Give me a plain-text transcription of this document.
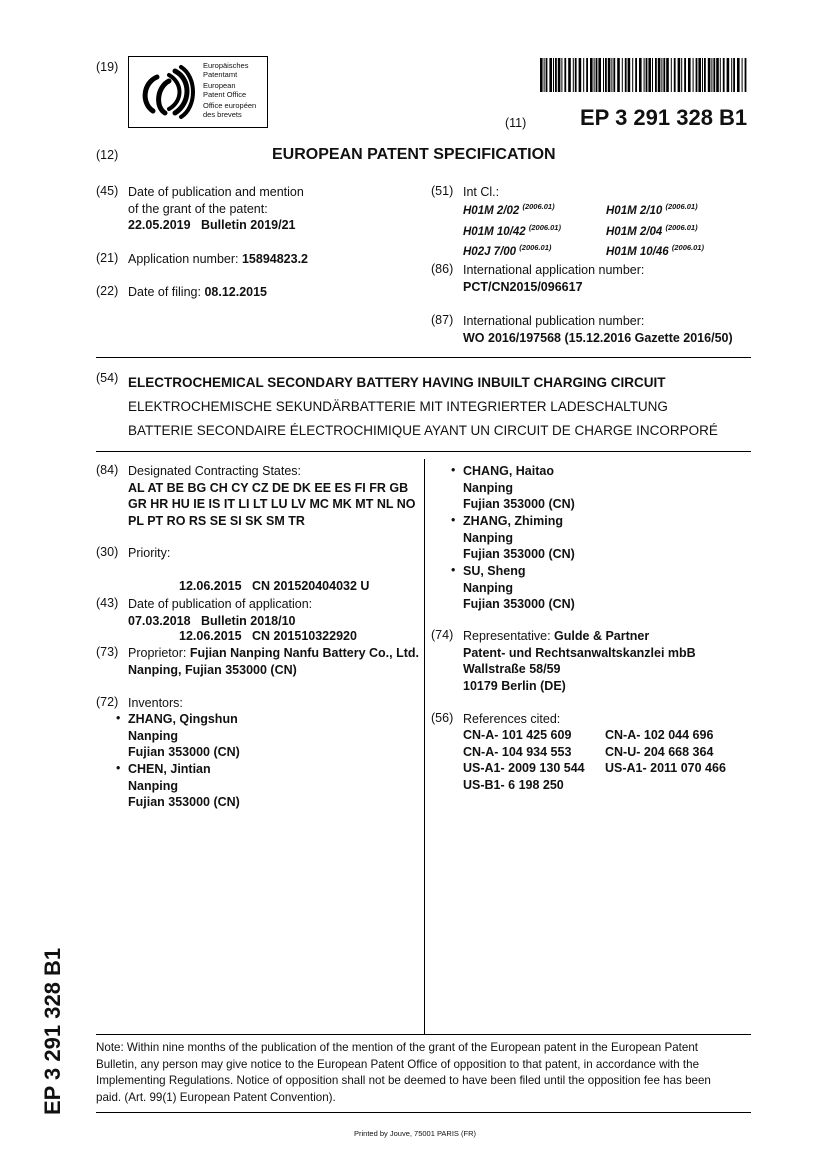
(19)	Europäisches
Patentamt
European
Patent Office
Office européen
des brevets
(11) EP 3 291 328 B1
(12)	EUROPEAN PATENT SPECIFICATION
(45) Date of publication and mention
of the grant of the patent:
22.05.2019   Bulletin 2019/21
(21) Application number: 15894823.2
(22) Date of filing: 08.12.2015
(51) Int Cl.:
H01M 2/02 $^{(2006.01)}$
H01M 10/42 $^{(2006.01)}$
H02J 7/00 $^{(2006.01)}$
H01M 2/10 $^{(2006.01)}$
H01M 2/04 $^{(2006.01)}$
H01M 10/46 $^{(2006.01)}$
(86) International application number:
PCT/CN2015/096617
(87) International publication number:
WO 2016/197568 (15.12.2016 Gazette 2016/50)
(54) ELECTROCHEMICAL SECONDARY BATTERY HAVING INBUILT CHARGING CIRCUIT
ELEKTROCHEMISCHE SEKUNDÄRBATTERIE MIT INTEGRIERTER LADESCHALTUNG
BATTERIE SECONDAIRE ÉLECTROCHIMIQUE AYANT UN CIRCUIT DE CHARGE INCORPORÉ
(84) Designated Contracting States:
AL AT BE BG CH CY CZ DE DK EE ES FI FR GB
GR HR HU IE IS IT LI LT LU LV MC MK MT NL NO
PL PT RO RS SE SI SK SM TR
(30) Priority:

12.06.2015   CN 201520404032 U

12.06.2015   CN 201510322920

(43) Date of publication of application:
07.03.2018   Bulletin 2018/10
(73) Proprietor: Fujian Nanping Nanfu Battery Co., Ltd.
Nanping, Fujian 353000 (CN)
(72) Inventors:
• ZHANG, Qingshun
Nanping
Fujian 353000 (CN)
• CHEN, Jintian
Nanping
Fujian 353000 (CN)
• CHANG, Haitao
Nanping
Fujian 353000 (CN)
• ZHANG, Zhiming
Nanping
Fujian 353000 (CN)
• SU, Sheng
Nanping
Fujian 353000 (CN)
(74) Representative: Gulde & Partner
Patent- und Rechtsanwaltskanzlei mbB
Wallstraße 58/59
10179 Berlin (DE)
(56) References cited:
CN-A- 101 425 609
CN-A- 104 934 553
US-A1- 2009 130 544
US-B1- 6 198 250
CN-A- 102 044 696
CN-U- 204 668 364
US-A1- 2011 070 466
Note: Within nine months of the publication of the mention of the grant of the European patent in the European Patent
Bulletin, any person may give notice to the European Patent Office of opposition to that patent, in accordance with the
Implementing Regulations. Notice of opposition shall not be deemed to have been filed until the opposition fee has been
paid. (Art. 99(1) European Patent Convention).
Printed by Jouve, 75001 PARIS (FR)
EP 3 291 328 B1
